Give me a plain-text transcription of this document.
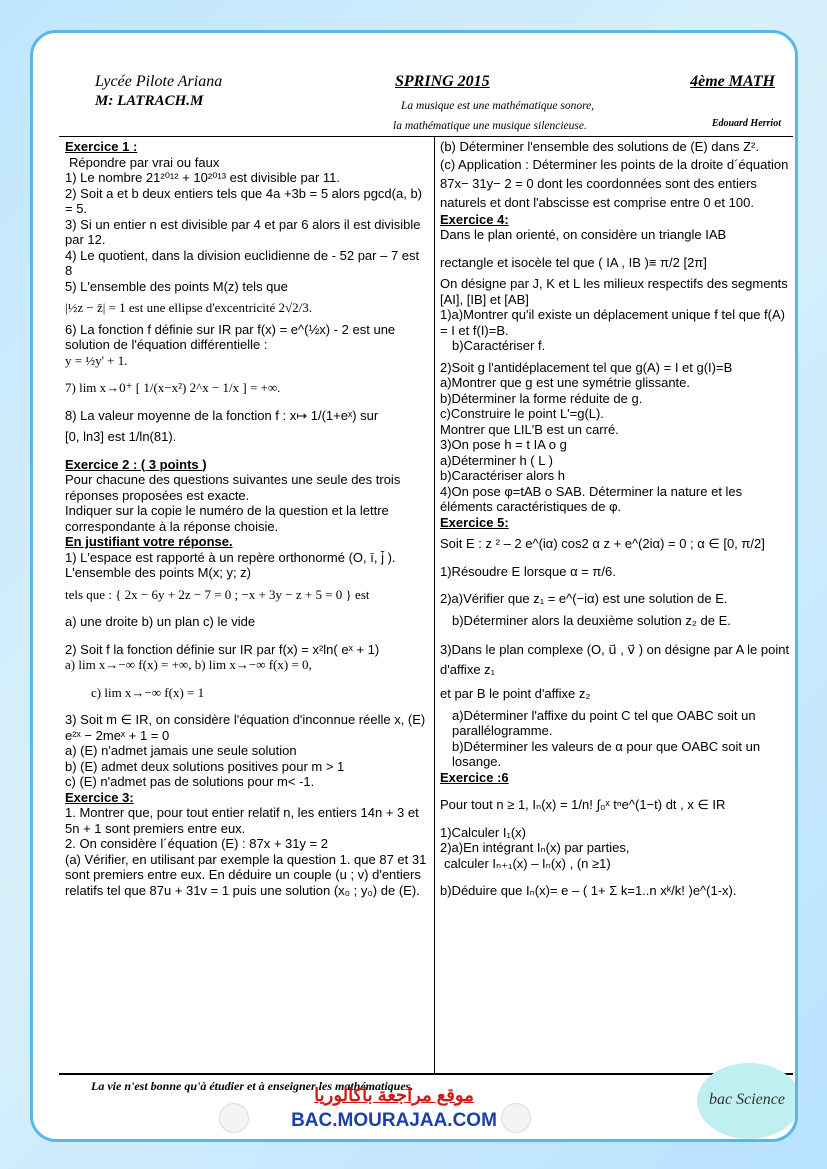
Lycée Pilote Ariana
M: LATRACH.M
SPRING 2015	4ème MATH
La musique est une mathématique sonore,
la mathématique une musique silencieuse.	Edouard Herriot

Exercice 1 :

Répondre par vrai ou faux

1) Le nombre 21²⁰¹² + 10²⁰¹³ est divisible par 11.

2) Soit a et b deux entiers tels que 4a +3b = 5 alors pgcd(a, b) = 5.

3) Si un entier n est divisible par 4 et par 6 alors il est divisible par 12.

4) Le quotient, dans la division euclidienne de - 52 par – 7 est 8

5) L'ensemble des points M(z) tels que

|½z − z̄| = 1 est une ellipse d'excentricité 2√2/3.

6) La fonction f définie sur IR par f(x) = e^(½x) - 2 est une solution de l'équation différentielle :

y = ½y' + 1.

7) lim x→0⁺ [ 1/(x−x²) 2^x − 1/x ] = +∞.

8) La valeur moyenne de la fonction f : x↦ 1/(1+eˣ) sur

[0, ln3] est 1/ln(81).

Exercice 2 : ( 3 points )

Pour chacune des questions suivantes une seule des trois réponses proposées est exacte.

Indiquer sur la copie le numéro de la question et la lettre correspondante à la réponse choisie.

En justifiant votre réponse.

1) L'espace est rapporté à un repère orthonormé (O, ī, j̄ ). L'ensemble des points M(x; y; z)

tels que : { 2x − 6y + 2z − 7 = 0 ; −x + 3y − z + 5 = 0 } est

a) une droite b) un plan c) le vide

2) Soit f la fonction définie sur IR par f(x) = x²ln( eˣ + 1)

a) lim x→−∞ f(x) = +∞, b) lim x→−∞ f(x) = 0,

c) lim x→−∞ f(x) = 1

3) Soit m ∈ IR, on considère l'équation d'inconnue réelle x, (E) e²ˣ − 2meˣ + 1 = 0

a) (E) n'admet jamais une seule solution

b) (E) admet deux solutions positives pour m > 1

c) (E) n'admet pas de solutions pour m< -1.

Exercice 3:

1. Montrer que, pour tout entier relatif n, les entiers 14n + 3 et 5n + 1 sont premiers entre eux.

2. On considère l´équation (E) : 87x + 31y = 2

(a) Vérifier, en utilisant par exemple la question 1. que 87 et 31 sont premiers entre eux. En déduire un couple (u ; v) d'entiers relatifs tel que 87u + 31v = 1 puis une solution (x₀ ; y₀) de (E).

(b) Déterminer l'ensemble des solutions de (E) dans Z².

(c) Application : Déterminer les points de la droite d´équation 87x− 31y− 2 = 0 dont les coordonnées sont des entiers naturels et dont l'abscisse est comprise entre 0 et 100.

Exercice 4:

Dans le plan orienté, on considère un triangle IAB

rectangle et isocèle tel que ( IA , IB )≡ π/2 [2π]

On désigne par J, K et L les milieux respectifs des segments [AI], [IB] et [AB]

1)a)Montrer qu'il existe un déplacement unique f tel que f(A) = I et f(I)=B.

b)Caractériser f.

2)Soit g l'antidéplacement tel que g(A) = I et g(I)=B

a)Montrer que g est une symétrie glissante.

b)Déterminer la forme réduite de g.

c)Construire le point L'=g(L).

Montrer que LIL'B est un carré.

3)On pose h = t IA o g

a)Déterminer h ( L )

b)Caractériser alors h

4)On pose φ=tAB o SAB. Déterminer la nature et les éléments caractéristiques de φ.

Exercice 5:

Soit E : z ² – 2 e^(iα) cos2 α z + e^(2iα) = 0 ; α ∈ [0, π/2]

1)Résoudre E lorsque α = π/6.

2)a)Vérifier que z₁ = e^(−iα) est une solution de E.

b)Déterminer alors la deuxième solution z₂ de E.

3)Dans le plan complexe (O, u⃗ , v⃗ ) on désigne par A le point d'affixe z₁

et par B le point d'affixe z₂

a)Déterminer l'affixe du point C tel que OABC soit un parallélogramme.

b)Déterminer les valeurs de α pour que OABC soit un losange.

Exercice :6

Pour tout n ≥ 1, Iₙ(x) = 1/n! ∫₀ˣ tⁿe^(1−t) dt , x ∈ IR

1)Calculer I₁(x)

2)a)En intégrant Iₙ(x) par parties,

calculer Iₙ₊₁(x) – Iₙ(x) , (n ≥1)

b)Déduire que Iₙ(x)= e – ( 1+ Σ k=1..n xᵏ/k! )e^(1-x).

La vie n'est bonne qu'à étudier et à enseigner les mathématiques.
موقع مراجعة باكالوريا
BAC.MOURAJAA.COM
bac Science
